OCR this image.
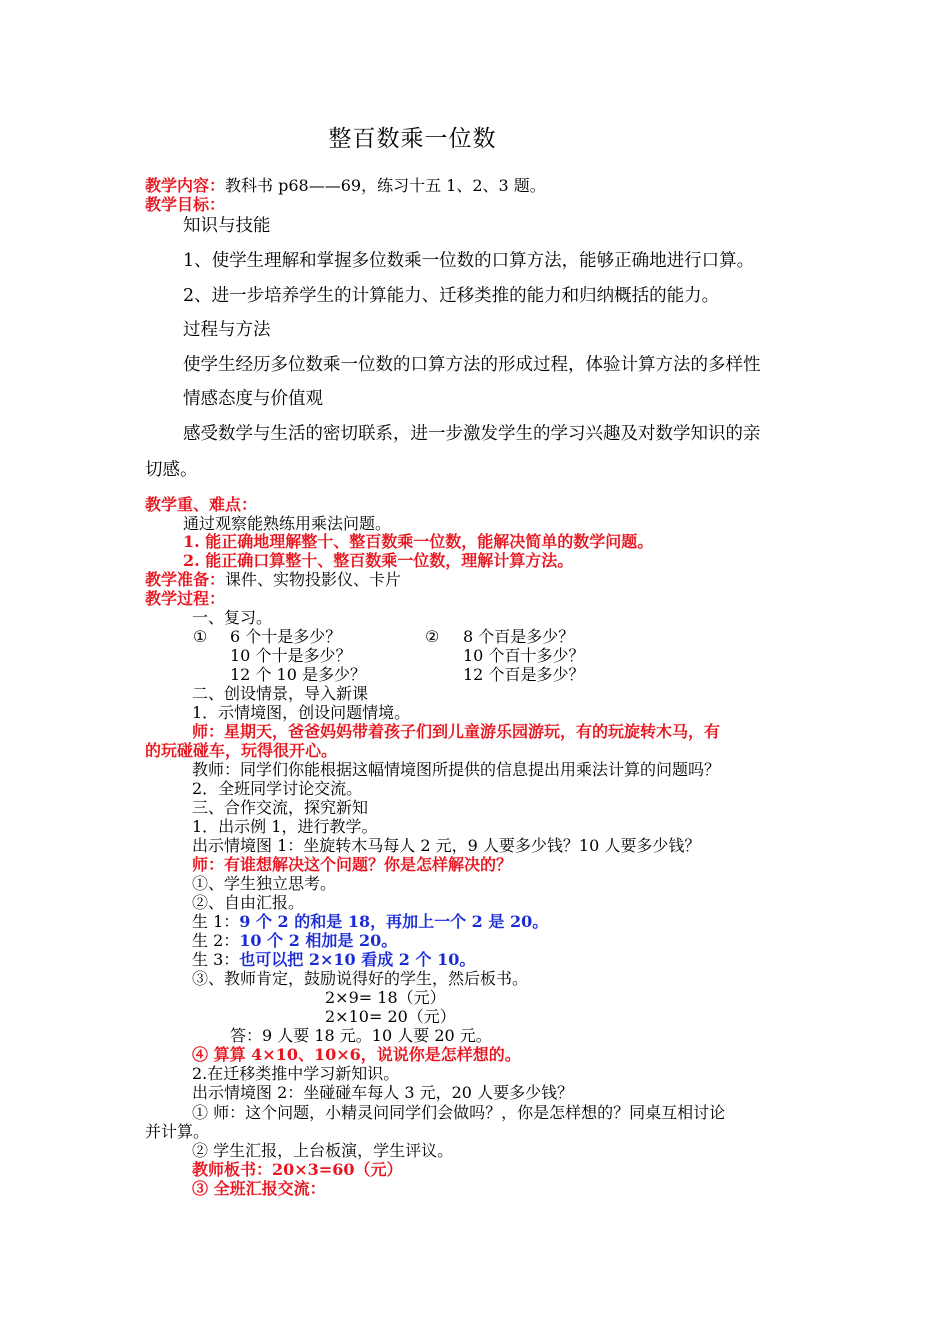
整百数乘一位数
教学内容：教科书 p68——69，练习十五 1、2、3 题。
教学目标：
知识与技能
1、使学生理解和掌握多位数乘一位数的口算方法，能够正确地进行口算。
2、进一步培养学生的计算能力、迁移类推的能力和归纳概括的能力。
过程与方法
使学生经历多位数乘一位数的口算方法的形成过程，体验计算方法的多样性
情感态度与价值观
感受数学与生活的密切联系，进一步激发学生的学习兴趣及对数学知识的亲
切感。
教学重、难点：
通过观察能熟练用乘法问题。
1. 能正确地理解整十、整百数乘一位数，能解决简单的数学问题。
2. 能正确口算整十、整百数乘一位数，理解计算方法。
教学准备：课件、实物投影仪、卡片
教学过程：
一、复习。
① 6 个十是多少？
10 个十是多少？
12 个 10 是多少？
② 8 个百是多少？
10 个百十多少？
12 个百是多少？
二、创设情景，导入新课
1．示情境图，创设问题情境。
师：星期天，爸爸妈妈带着孩子们到儿童游乐园游玩，有的玩旋转木马，有
的玩碰碰车，玩得很开心。
教师：同学们你能根据这幅情境图所提供的信息提出用乘法计算的问题吗？
2．全班同学讨论交流。
三、合作交流，探究新知
1．出示例 1，进行教学。
出示情境图 1：坐旋转木马每人 2 元，9 人要多少钱？10 人要多少钱？
师：有谁想解决这个问题？你是怎样解决的？
①、学生独立思考。
②、自由汇报。
生 1：9 个 2 的和是 18，再加上一个 2 是 20。
生 2：10 个 2 相加是 20。
生 3：也可以把 2×10 看成 2 个 10。
③、教师肯定，鼓励说得好的学生，然后板书。
2×9= 18（元）
2×10= 20（元）
答：9 人要 18 元。10 人要 20 元。
④ 算算 4×10、10×6，说说你是怎样想的。
2.在迁移类推中学习新知识。
出示情境图 2：坐碰碰车每人 3 元，20 人要多少钱？
① 师：这个问题，小精灵问同学们会做吗？，你是怎样想的？同桌互相讨论
并计算。
② 学生汇报，上台板演，学生评议。
教师板书：20×3=60（元）
③ 全班汇报交流：
